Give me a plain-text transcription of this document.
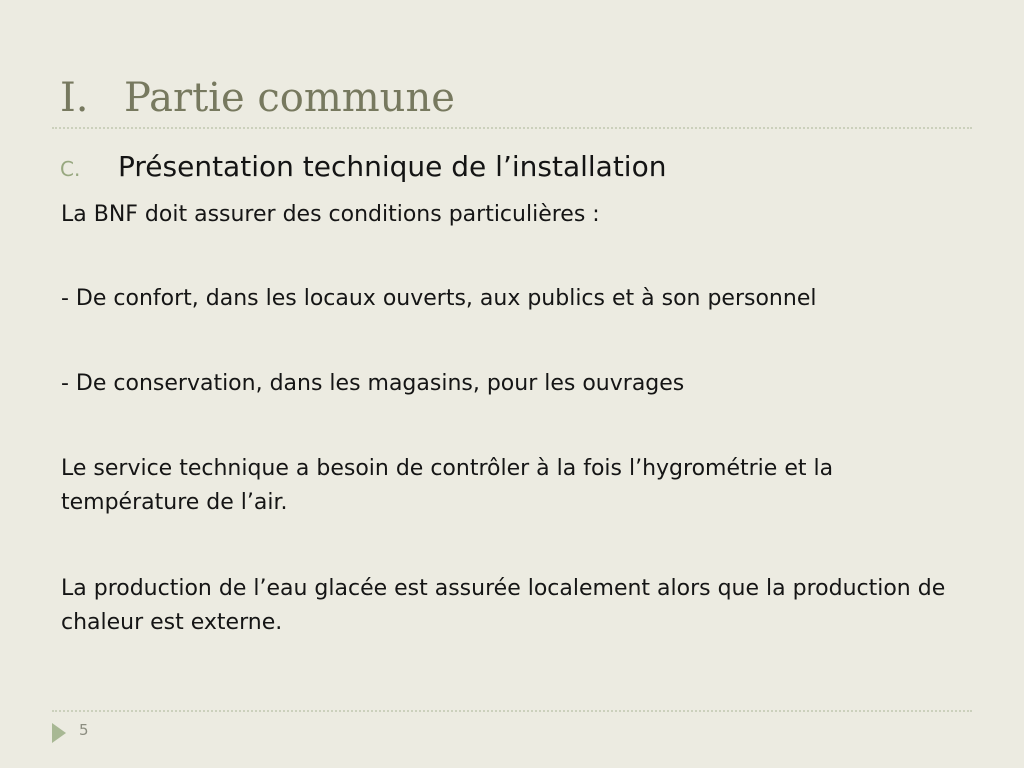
I. Partie commune
C.	Présentation technique de l’installation
La BNF doit assurer des conditions particulières :
- De confort, dans les locaux ouverts, aux publics et à son personnel
- De conservation, dans les magasins, pour les ouvrages
Le service technique a besoin de contrôler à la fois l’hygrométrie et la température de l’air.
La production de l’eau glacée est assurée localement alors que la production de chaleur est externe.
5
